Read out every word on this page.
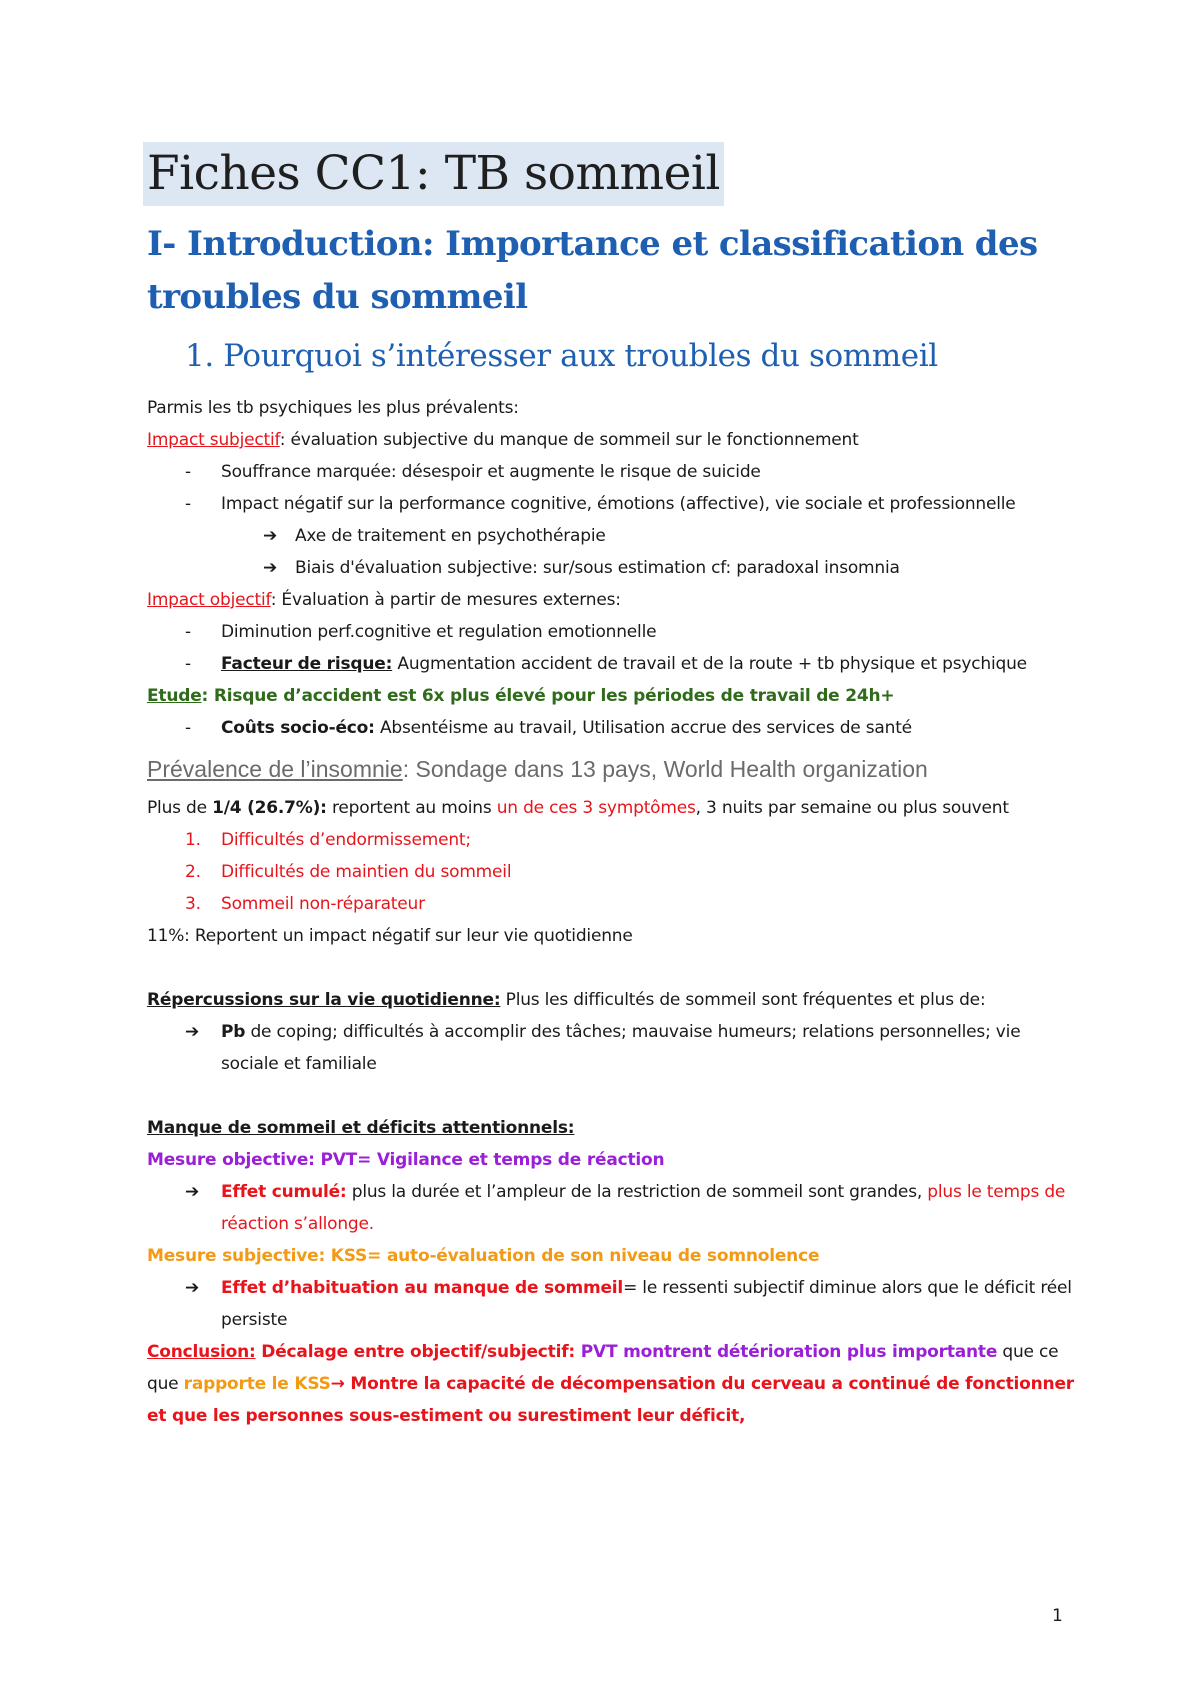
Fiches CC1: TB sommeil
I- Introduction: Importance et classification des troubles du sommeil
1. Pourquoi s’intéresser aux troubles du sommeil

Parmis les tb psychiques les plus prévalents:

Impact subjectif: évaluation subjective du manque de sommeil sur le fonctionnement

- Souffrance marquée: désespoir et augmente le risque de suicide

- Impact négatif sur la performance cognitive, émotions (affective), vie sociale et professionnelle

➔ Axe de traitement en psychothérapie

➔ Biais d'évaluation subjective: sur/sous estimation cf: paradoxal insomnia

Impact objectif: Évaluation à partir de mesures externes:

- Diminution perf.cognitive et regulation emotionnelle

- Facteur de risque: Augmentation accident de travail et de la route + tb physique et psychique

Etude: Risque d’accident est 6x plus élevé pour les périodes de travail de 24h+

- Coûts socio-éco: Absentéisme au travail, Utilisation accrue des services de santé

Prévalence de l’insomnie: Sondage dans 13 pays, World Health organization

Plus de 1/4 (26.7%): reportent au moins un de ces 3 symptômes, 3 nuits par semaine ou plus souvent

1. Difficultés d’endormissement;

2. Difficultés de maintien du sommeil

3. Sommeil non-réparateur

11%: Reportent un impact négatif sur leur vie quotidienne

Répercussions sur la vie quotidienne: Plus les difficultés de sommeil sont fréquentes et plus de:

➔ Pb de coping; difficultés à accomplir des tâches; mauvaise humeurs; relations personnelles; vie sociale et familiale

Manque de sommeil et déficits attentionnels:

Mesure objective: PVT= Vigilance et temps de réaction

➔ Effet cumulé: plus la durée et l’ampleur de la restriction de sommeil sont grandes, plus le temps de réaction s’allonge.

Mesure subjective: KSS= auto-évaluation de son niveau de somnolence

➔ Effet d’habituation au manque de sommeil= le ressenti subjectif diminue alors que le déficit réel persiste

Conclusion: Décalage entre objectif/subjectif: PVT montrent détérioration plus importante que ce que rapporte le KSS→ Montre la capacité de décompensation du cerveau a continué de fonctionner et que les personnes sous-estiment ou surestiment leur déficit,

1
